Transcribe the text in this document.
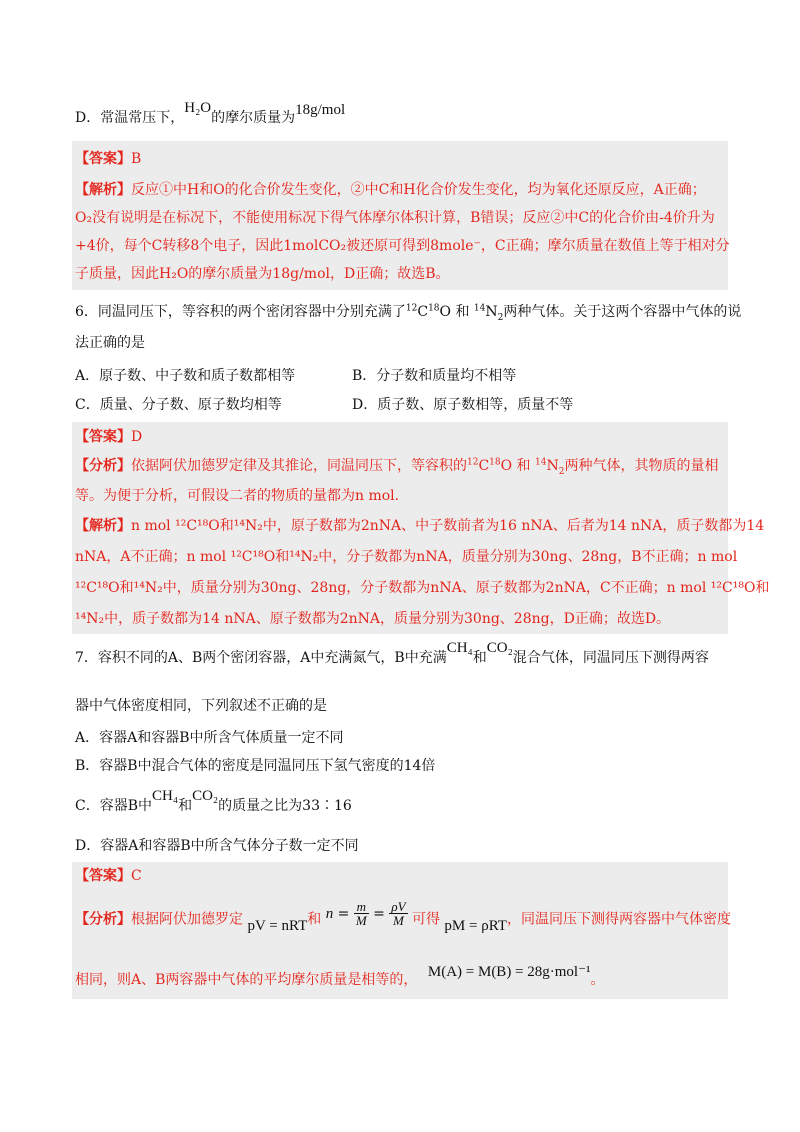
D．常温常压下，H₂O的摩尔质量为18g/mol
【答案】B
【解析】反应①中H和O的化合价发生变化，②中C和H化合价发生变化，均为氧化还原反应，A正确；
O₂没有说明是在标况下，不能使用标况下得气体摩尔体积计算，B错误；反应②中C的化合价由-4价升为
+4价，每个C转移8个电子，因此1molCO₂被还原可得到8mole⁻，C正确；摩尔质量在数值上等于相对分
子质量，因此H₂O的摩尔质量为18g/mol，D正确；故选B。
6．同温同压下，等容积的两个密闭容器中分别充满了$^{12}C^{18}O$ 和 $^{14}N_2$两种气体。关于这两个容器中气体的说
法正确的是
A．原子数、中子数和质子数都相等	B．分子数和质量均不相等
C．质量、分子数、原子数均相等	D．质子数、原子数相等，质量不等
【答案】D
【分析】依据阿伏加德罗定律及其推论，同温同压下，等容积的$^{12}C^{18}O$ 和 $^{14}N_2$两种气体，其物质的量相
等。为便于分析，可假设二者的物质的量都为n mol.
【解析】n mol ¹²C¹⁸O和¹⁴N₂中，原子数都为2nNA、中子数前者为16 nNA、后者为14 nNA，质子数都为14
nNA，A不正确；n mol ¹²C¹⁸O和¹⁴N₂中，分子数都为nNA，质量分别为30ng、28ng，B不正确；n mol
¹²C¹⁸O和¹⁴N₂中，质量分别为30ng、28ng，分子数都为nNA、原子数都为2nNA，C不正确；n mol ¹²C¹⁸O和
¹⁴N₂中，质子数都为14 nNA、原子数都为2nNA，质量分别为30ng、28ng，D正确；故选D。
7．容积不同的A、B两个密闭容器，A中充满氮气，B中充满CH₄和CO₂混合气体，同温同压下测得两容
器中气体密度相同，下列叙述不正确的是
A．容器A和容器B中所含气体质量一定不同
B．容器B中混合气体的密度是同温同压下氢气密度的14倍
C．容器B中CH₄和CO₂的质量之比为33∶16
D．容器A和容器B中所含气体分子数一定不同
【答案】C
【分析】根据阿伏加德罗定 pV = nRT和 $n = \frac{m}{M} = \frac{\rho V}{M}$ 可得 pM = ρRT，同温同压下测得两容器中气体密度
相同，则A、B两容器中气体的平均摩尔质量是相等的， M(A) = M(B) = 28g·mol⁻¹。
